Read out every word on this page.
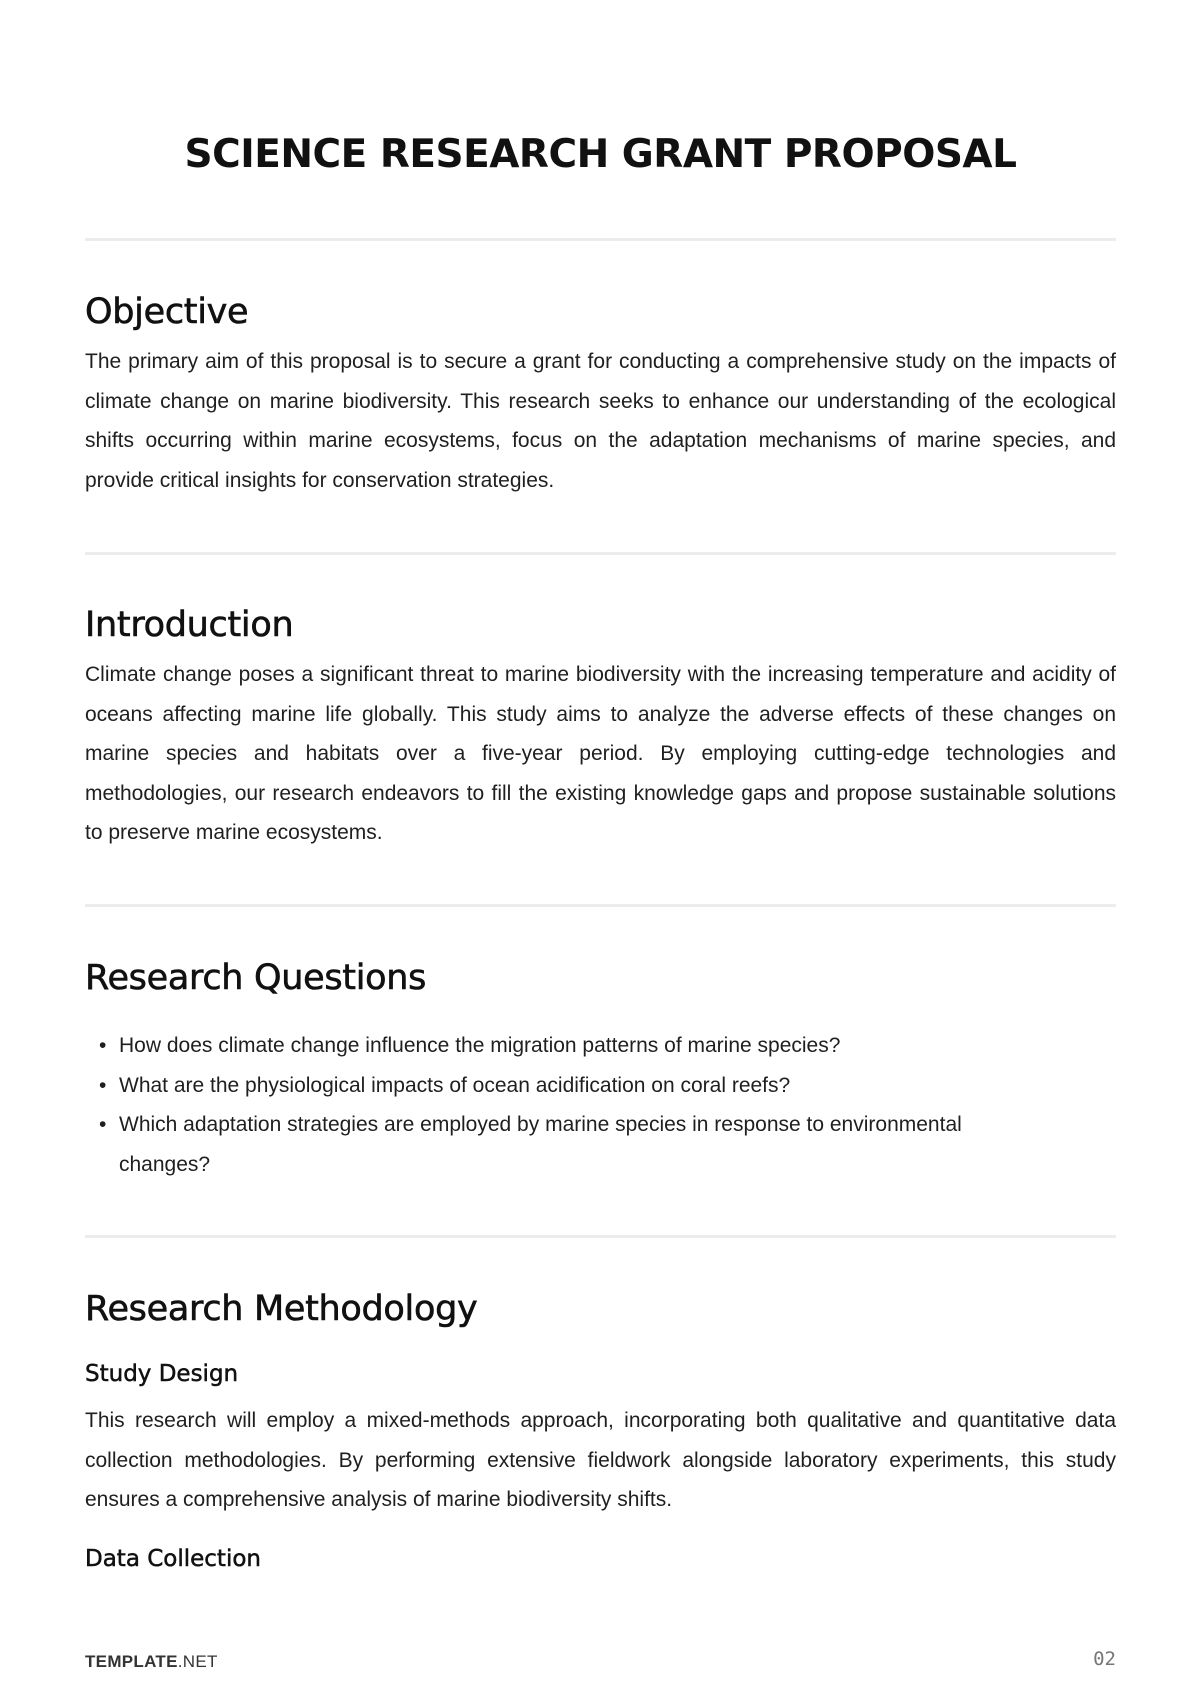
SCIENCE RESEARCH GRANT PROPOSAL
Objective

The primary aim of this proposal is to secure a grant for conducting a comprehensive study on the impacts of climate change on marine biodiversity. This research seeks to enhance our understanding of the ecological shifts occurring within marine ecosystems, focus on the adaptation mechanisms of marine species, and provide critical insights for conservation strategies.

Introduction

Climate change poses a significant threat to marine biodiversity with the increasing temperature and acidity of oceans affecting marine life globally. This study aims to analyze the adverse effects of these changes on marine species and habitats over a five-year period. By employing cutting-edge technologies and methodologies, our research endeavors to fill the existing knowledge gaps and propose sustainable solutions to preserve marine ecosystems.

Research Questions
• How does climate change influence the migration patterns of marine species?
• What are the physiological impacts of ocean acidification on coral reefs?
• Which adaptation strategies are employed by marine species in response to environmental changes?
Research Methodology
Study Design

This research will employ a mixed-methods approach, incorporating both qualitative and quantitative data collection methodologies. By performing extensive fieldwork alongside laboratory experiments, this study ensures a comprehensive analysis of marine biodiversity shifts.

Data Collection
TEMPLATE.NET	02
